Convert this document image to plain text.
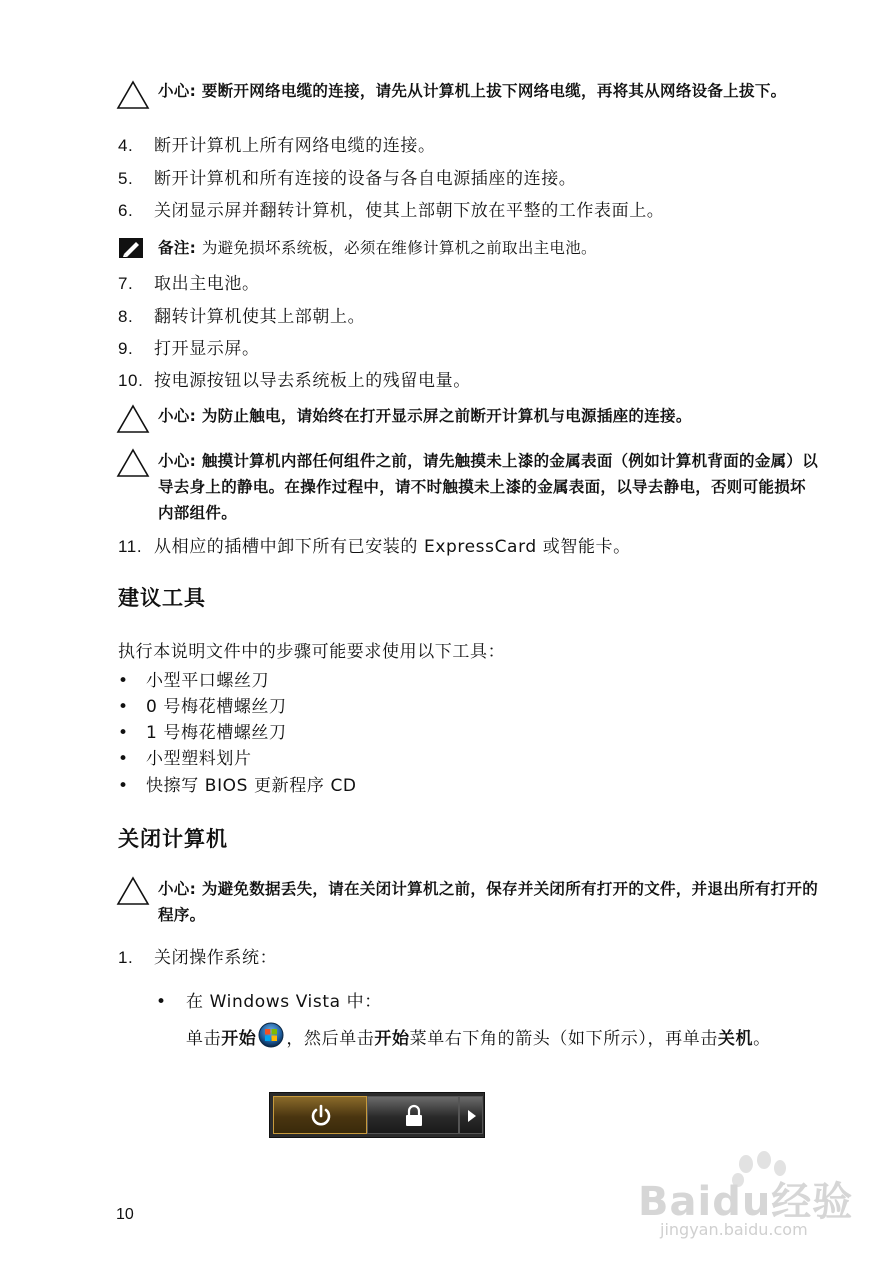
小心: 要断开网络电缆的连接，请先从计算机上拔下网络电缆，再将其从网络设备上拔下。
4. 断开计算机上所有网络电缆的连接。
5. 断开计算机和所有连接的设备与各自电源插座的连接。
6. 关闭显示屏并翻转计算机，使其上部朝下放在平整的工作表面上。
备注: 为避免损坏系统板，必须在维修计算机之前取出主电池。
7. 取出主电池。
8. 翻转计算机使其上部朝上。
9. 打开显示屏。
10. 按电源按钮以导去系统板上的残留电量。
小心: 为防止触电，请始终在打开显示屏之前断开计算机与电源插座的连接。
小心: 触摸计算机内部任何组件之前，请先触摸未上漆的金属表面（例如计算机背面的金属）以导去身上的静电。在操作过程中，请不时触摸未上漆的金属表面，以导去静电，否则可能损坏内部组件。
11. 从相应的插槽中卸下所有已安装的 ExpressCard 或智能卡。
建议工具
执行本说明文件中的步骤可能要求使用以下工具：
• 小型平口螺丝刀
• 0 号梅花槽螺丝刀
• 1 号梅花槽螺丝刀
• 小型塑料划片
• 快擦写 BIOS 更新程序 CD
关闭计算机
小心: 为避免数据丢失，请在关闭计算机之前，保存并关闭所有打开的文件，并退出所有打开的程序。
1. 关闭操作系统：
• 在 Windows Vista 中：
单击开始 ，然后单击开始菜单右下角的箭头（如下所示），再单击关机。
Baidu经验
jingyan.baidu.com
10
